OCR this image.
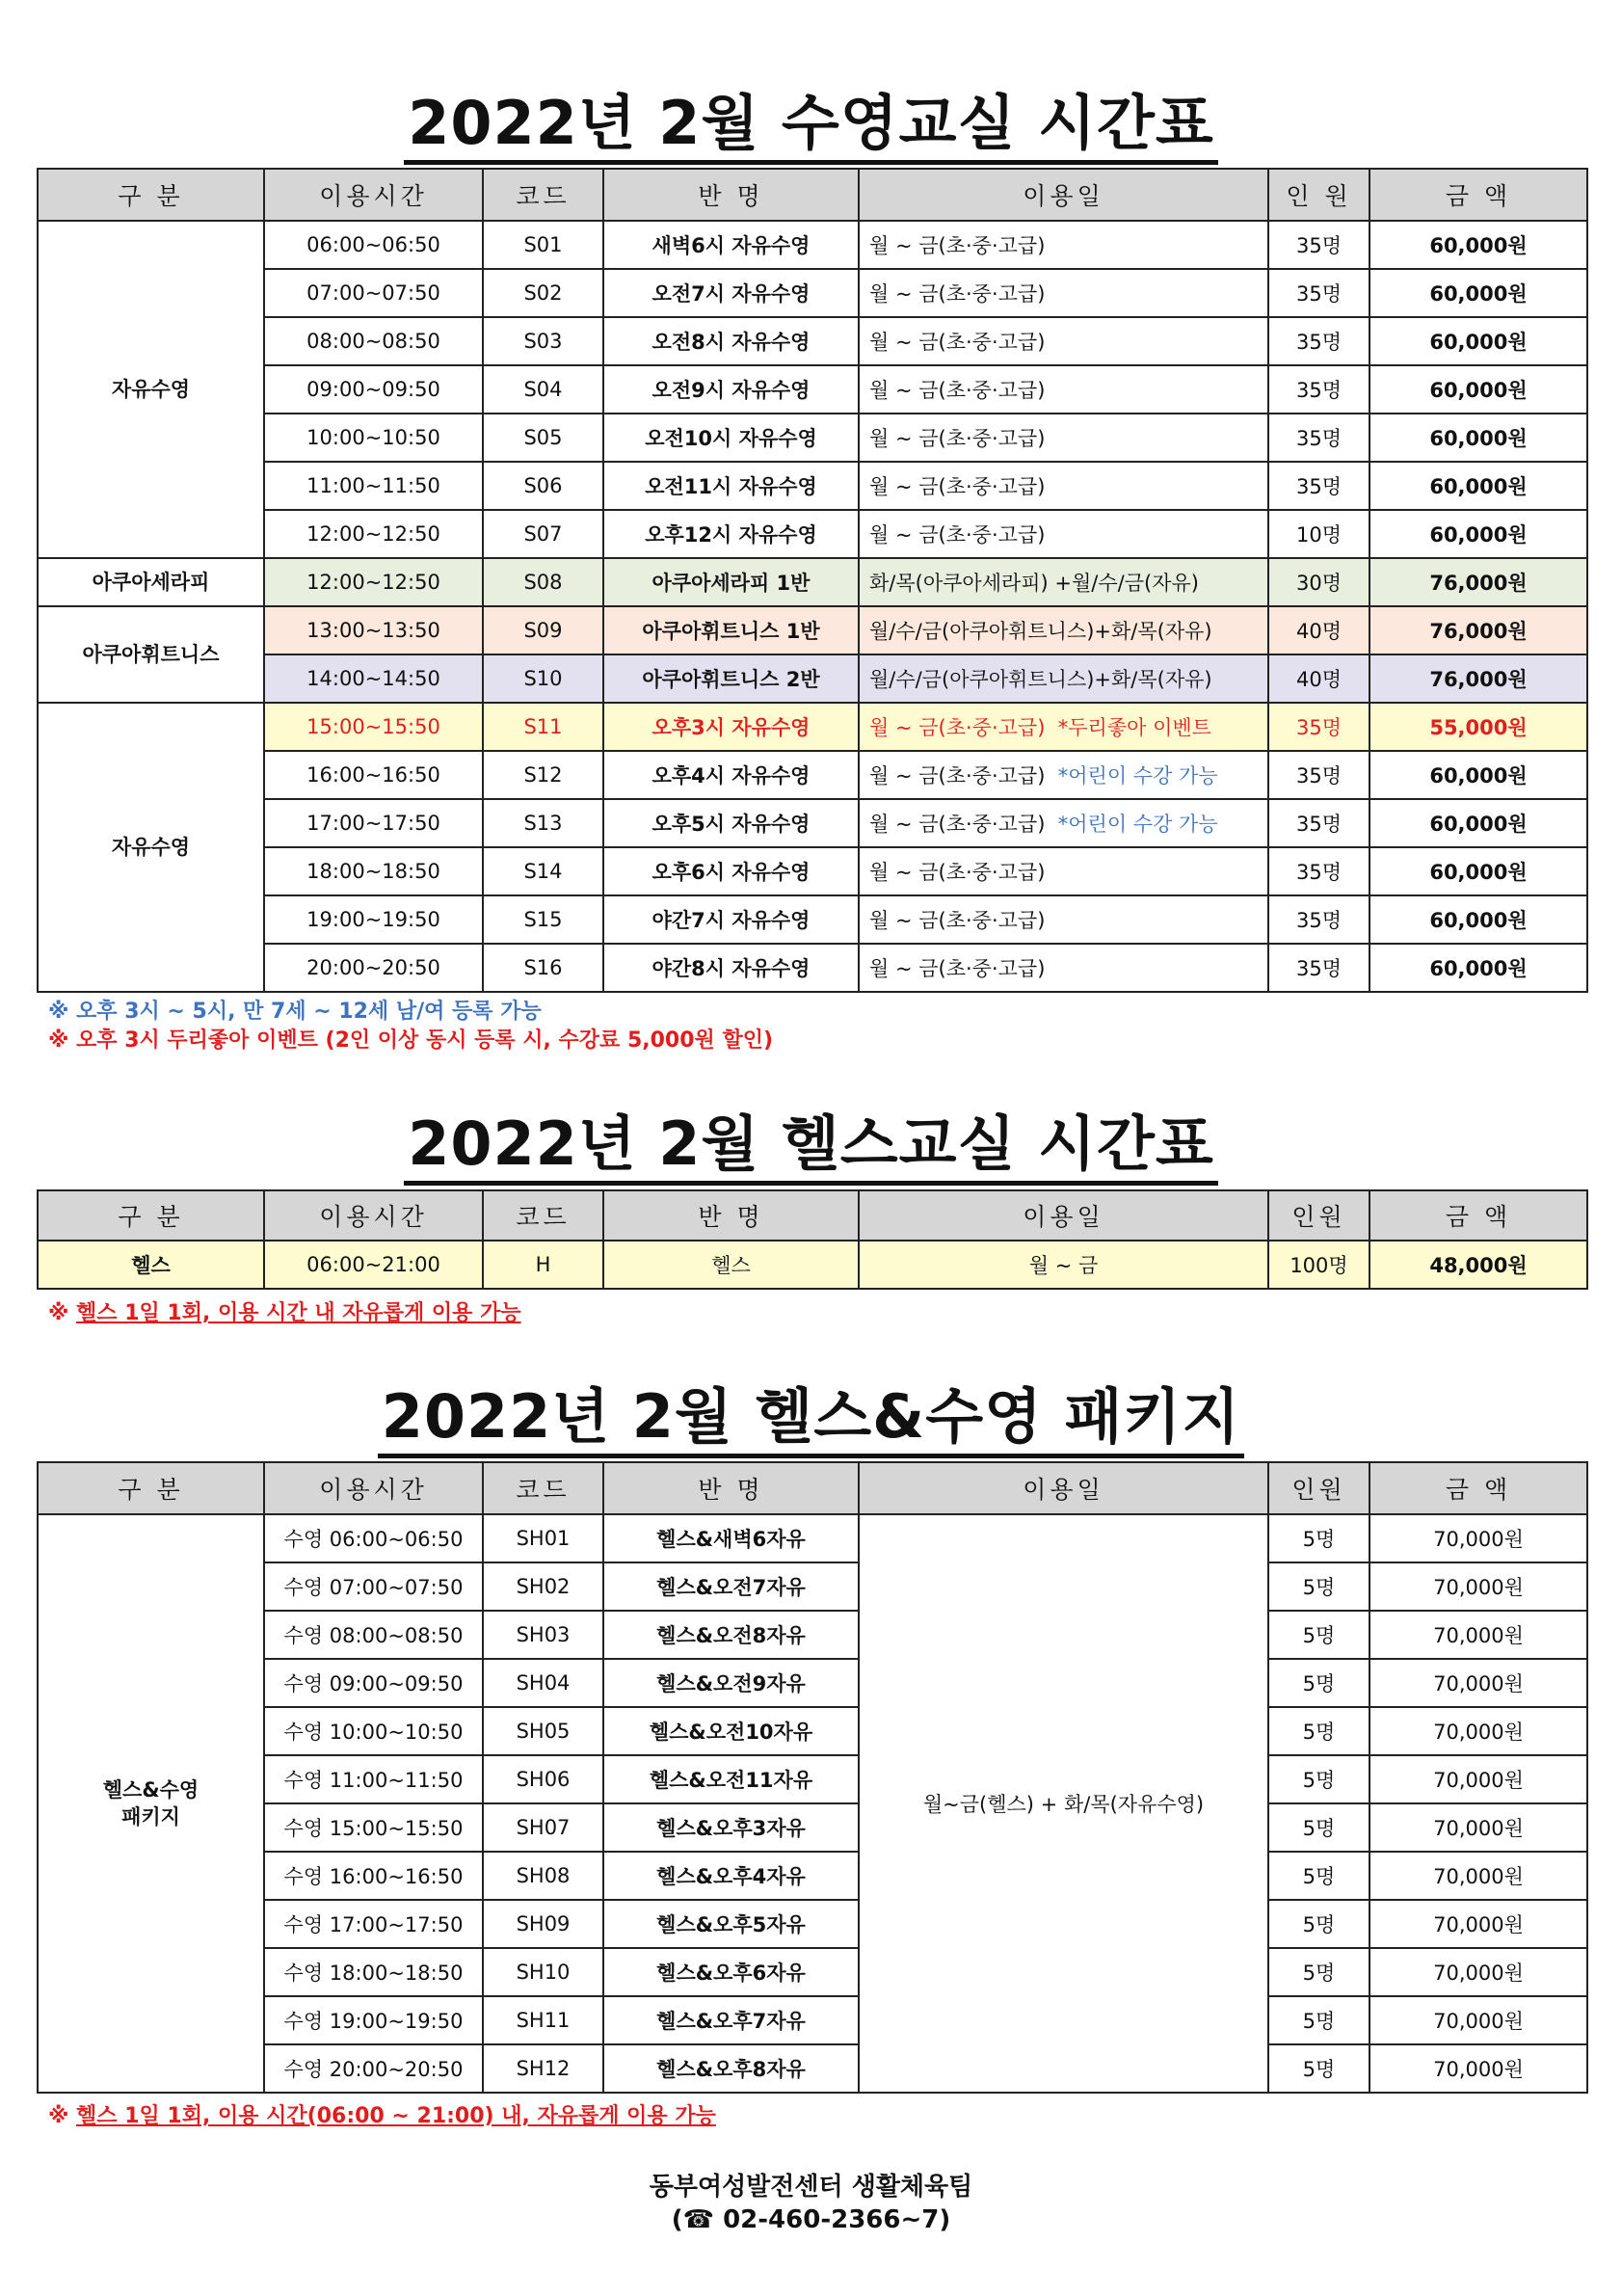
2022년 2월 수영교실 시간표
구 분	이용시간	코드	반 명	이용일	인 원	금 액
자유수영	06:00~06:50	S01	새벽6시 자유수영	월 ~ 금(초·중·고급)	35명	60,000원
	07:00~07:50	S02	오전7시 자유수영	월 ~ 금(초·중·고급)	35명	60,000원
	08:00~08:50	S03	오전8시 자유수영	월 ~ 금(초·중·고급)	35명	60,000원
	09:00~09:50	S04	오전9시 자유수영	월 ~ 금(초·중·고급)	35명	60,000원
	10:00~10:50	S05	오전10시 자유수영	월 ~ 금(초·중·고급)	35명	60,000원
	11:00~11:50	S06	오전11시 자유수영	월 ~ 금(초·중·고급)	35명	60,000원
	12:00~12:50	S07	오후12시 자유수영	월 ~ 금(초·중·고급)	10명	60,000원
아쿠아세라피	12:00~12:50	S08	아쿠아세라피 1반	화/목(아쿠아세라피) +월/수/금(자유)	30명	76,000원
아쿠아휘트니스	13:00~13:50	S09	아쿠아휘트니스 1반	월/수/금(아쿠아휘트니스)+화/목(자유)	40명	76,000원
	14:00~14:50	S10	아쿠아휘트니스 2반	월/수/금(아쿠아휘트니스)+화/목(자유)	40명	76,000원
자유수영	15:00~15:50	S11	오후3시 자유수영	월 ~ 금(초·중·고급) *두리좋아 이벤트	35명	55,000원
	16:00~16:50	S12	오후4시 자유수영	월 ~ 금(초·중·고급) *어린이 수강 가능	35명	60,000원
	17:00~17:50	S13	오후5시 자유수영	월 ~ 금(초·중·고급) *어린이 수강 가능	35명	60,000원
	18:00~18:50	S14	오후6시 자유수영	월 ~ 금(초·중·고급)	35명	60,000원
	19:00~19:50	S15	야간7시 자유수영	월 ~ 금(초·중·고급)	35명	60,000원
	20:00~20:50	S16	야간8시 자유수영	월 ~ 금(초·중·고급)	35명	60,000원
※ 오후 3시 ~ 5시, 만 7세 ~ 12세 남/여 등록 가능
※ 오후 3시 두리좋아 이벤트 (2인 이상 동시 등록 시, 수강료 5,000원 할인)
2022년 2월 헬스교실 시간표
구 분	이용시간	코드	반 명	이용일	인원	금 액
헬스	06:00~21:00	H	헬스	월 ~ 금	100명	48,000원
※ 헬스 1일 1회, 이용 시간 내 자유롭게 이용 가능
2022년 2월 헬스&수영 패키지
구 분	이용시간	코드	반 명	이용일	인원	금 액
헬스&수영 패키지	수영 06:00~06:50	SH01	헬스&새벽6자유	월~금(헬스) + 화/목(자유수영)	5명	70,000원
	수영 07:00~07:50	SH02	헬스&오전7자유		5명	70,000원
	수영 08:00~08:50	SH03	헬스&오전8자유		5명	70,000원
	수영 09:00~09:50	SH04	헬스&오전9자유		5명	70,000원
	수영 10:00~10:50	SH05	헬스&오전10자유		5명	70,000원
	수영 11:00~11:50	SH06	헬스&오전11자유		5명	70,000원
	수영 15:00~15:50	SH07	헬스&오후3자유		5명	70,000원
	수영 16:00~16:50	SH08	헬스&오후4자유		5명	70,000원
	수영 17:00~17:50	SH09	헬스&오후5자유		5명	70,000원
	수영 18:00~18:50	SH10	헬스&오후6자유		5명	70,000원
	수영 19:00~19:50	SH11	헬스&오후7자유		5명	70,000원
	수영 20:00~20:50	SH12	헬스&오후8자유		5명	70,000원
※ 헬스 1일 1회, 이용 시간(06:00 ~ 21:00) 내, 자유롭게 이용 가능
동부여성발전센터 생활체육팀
(☎ 02-460-2366~7)
